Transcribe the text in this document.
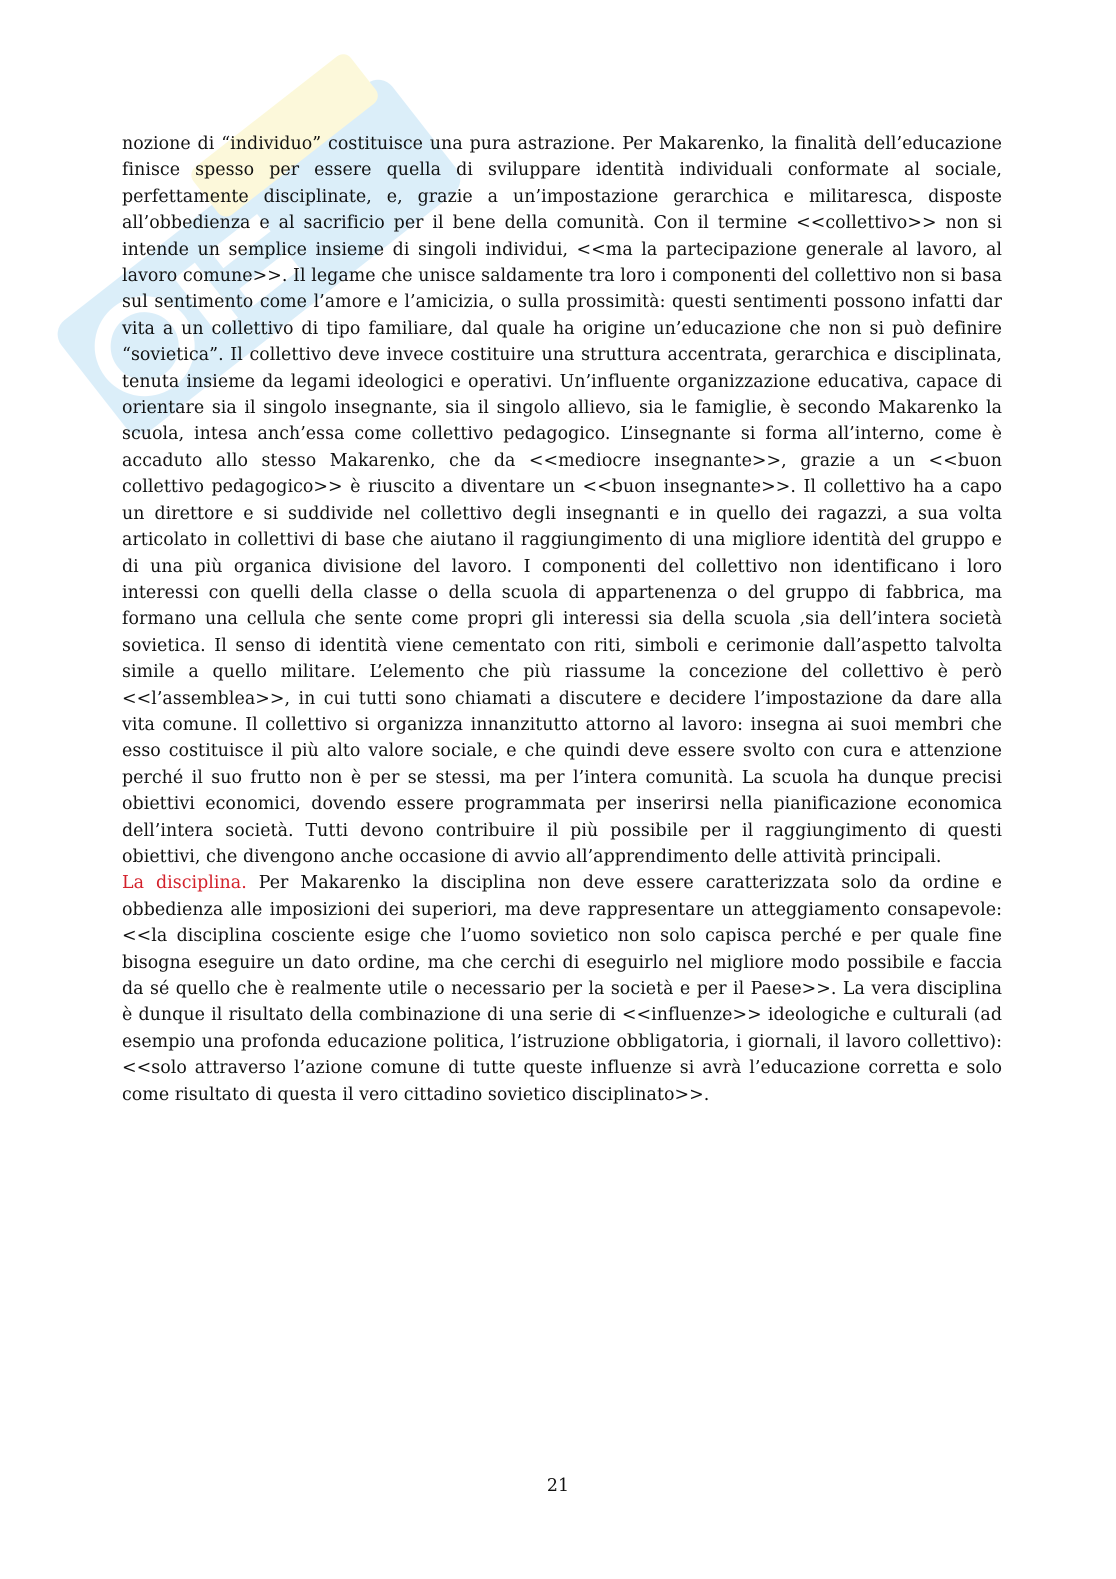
nozione di “individuo” costituisce una pura astrazione. Per Makarenko, la finalità dell’educazione finisce spesso per essere quella di sviluppare identità individuali conformate al sociale, perfettamente disciplinate, e, grazie a un’impostazione gerarchica e militaresca, disposte all’obbedienza e al sacrificio per il bene della comunità. Con il termine <<collettivo>> non si intende un semplice insieme di singoli individui, <<ma la partecipazione generale al lavoro, al lavoro comune>>. Il legame che unisce saldamente tra loro i componenti del collettivo non si basa sul sentimento come l’amore e l’amicizia, o sulla prossimità: questi sentimenti possono infatti dar vita a un collettivo di tipo familiare, dal quale ha origine un’educazione che non si può definire “sovietica”. Il collettivo deve invece costituire una struttura accentrata, gerarchica e disciplinata, tenuta insieme da legami ideologici e operativi. Un’influente organizzazione educativa, capace di orientare sia il singolo insegnante, sia il singolo allievo, sia le famiglie, è secondo Makarenko la scuola, intesa anch’essa come collettivo pedagogico. L’insegnante si forma all’interno, come è accaduto allo stesso Makarenko, che da <<mediocre insegnante>>, grazie a un <<buon collettivo pedagogico>> è riuscito a diventare un <<buon insegnante>>. Il collettivo ha a capo un direttore e si suddivide nel collettivo degli insegnanti e in quello dei ragazzi, a sua volta articolato in collettivi di base che aiutano il raggiungimento di una migliore identità del gruppo e di una più organica divisione del lavoro. I componenti del collettivo non identificano i loro interessi con quelli della classe o della scuola di appartenenza o del gruppo di fabbrica, ma formano una cellula che sente come propri gli interessi sia della scuola ,sia dell’intera società sovietica. Il senso di identità viene cementato con riti, simboli e cerimonie dall’aspetto talvolta simile a quello militare. L’elemento che più riassume la concezione del collettivo è però <<l’assemblea>>, in cui tutti sono chiamati a discutere e decidere l’impostazione da dare alla vita comune. Il collettivo si organizza innanzitutto attorno al lavoro: insegna ai suoi membri che esso costituisce il più alto valore sociale, e che quindi deve essere svolto con cura e attenzione perché il suo frutto non è per se stessi, ma per l’intera comunità. La scuola ha dunque precisi obiettivi economici, dovendo essere programmata per inserirsi nella pianificazione economica dell’intera società. Tutti devono contribuire il più possibile per il raggiungimento di questi obiettivi, che divengono anche occasione di avvio all’apprendimento delle attività principali.

La disciplina. Per Makarenko la disciplina non deve essere caratterizzata solo da ordine e obbedienza alle imposizioni dei superiori, ma deve rappresentare un atteggiamento consapevole: <<la disciplina cosciente esige che l’uomo sovietico non solo capisca perché e per quale fine bisogna eseguire un dato ordine, ma che cerchi di eseguirlo nel migliore modo possibile e faccia da sé quello che è realmente utile o necessario per la società e per il Paese>>. La vera disciplina è dunque il risultato della combinazione di una serie di <<influenze>> ideologiche e culturali (ad esempio una profonda educazione politica, l’istruzione obbligatoria, i giornali, il lavoro collettivo): <<solo attraverso l’azione comune di tutte queste influenze si avrà l’educazione corretta e solo come risultato di questa il vero cittadino sovietico disciplinato>>.

21
